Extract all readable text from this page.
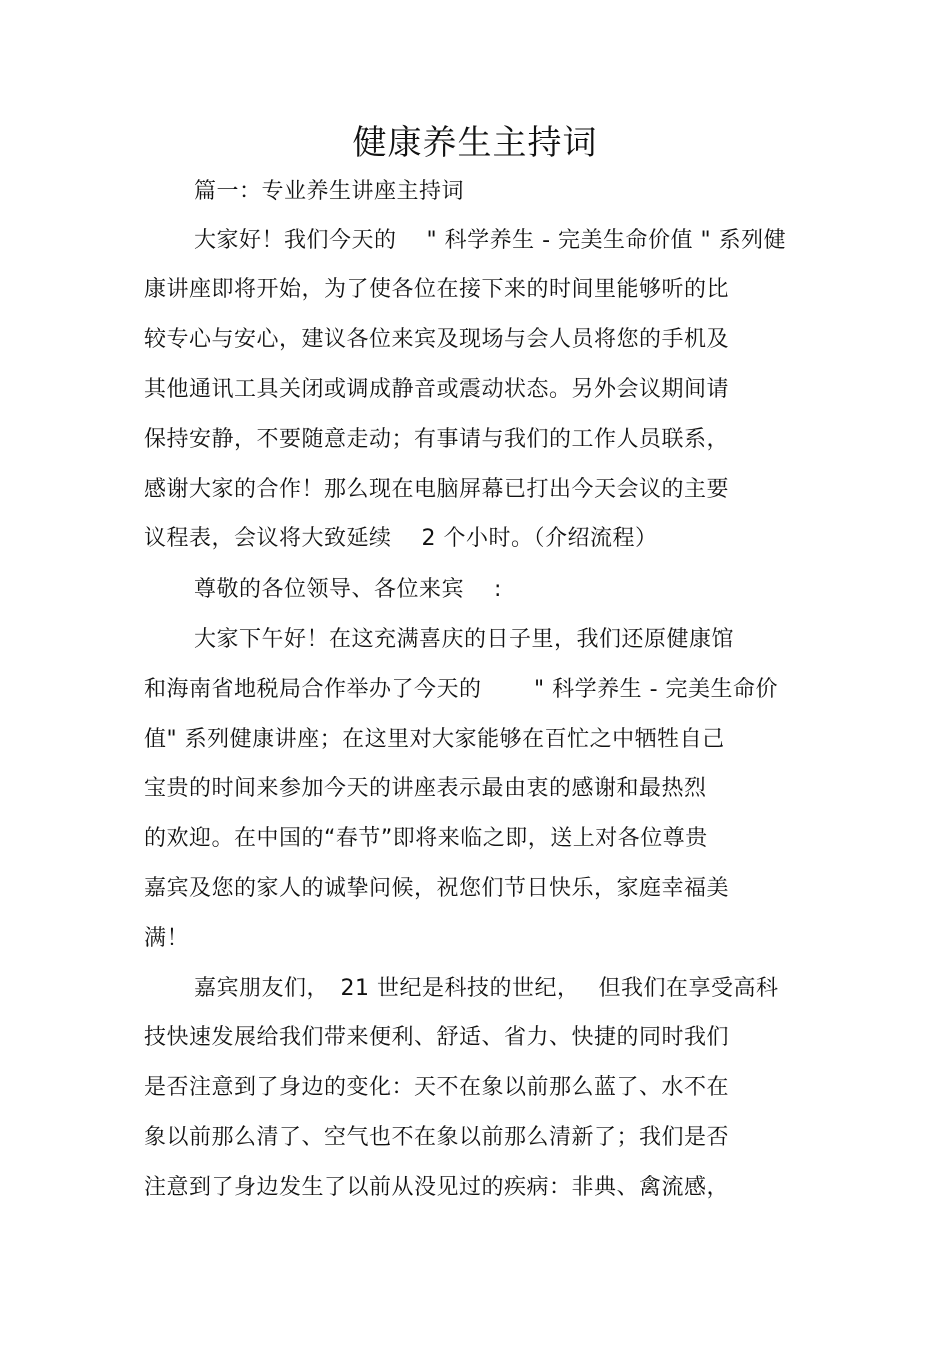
健康养生主持词
篇一：专业养生讲座主持词
大家好！我们今天的　 " 科学养生 - 完美生命价值 " 系列健
康讲座即将开始，为了使各位在接下来的时间里能够听的比
较专心与安心，建议各位来宾及现场与会人员将您的手机及
其他通讯工具关闭或调成静音或震动状态。另外会议期间请
保持安静，不要随意走动；有事请与我们的工作人员联系，
感谢大家的合作！那么现在电脑屏幕已打出今天会议的主要
议程表，会议将大致延续　 2 个小时。（介绍流程）
尊敬的各位领导、各位来宾　 :
大家下午好！在这充满喜庆的日子里，我们还原健康馆
和海南省地税局合作举办了今天的　　 " 科学养生 - 完美生命价
值" 系列健康讲座；在这里对大家能够在百忙之中牺牲自己
宝贵的时间来参加今天的讲座表示最由衷的感谢和最热烈
的欢迎。在中国的“春节”即将来临之即，送上对各位尊贵
嘉宾及您的家人的诚挚问候，祝您们节日快乐，家庭幸福美
满！
嘉宾朋友们，　21 世纪是科技的世纪，　 但我们在享受高科
技快速发展给我们带来便利、舒适、省力、快捷的同时我们
是否注意到了身边的变化：天不在象以前那么蓝了、水不在
象以前那么清了、空气也不在象以前那么清新了；我们是否
注意到了身边发生了以前从没见过的疾病：非典、禽流感，
